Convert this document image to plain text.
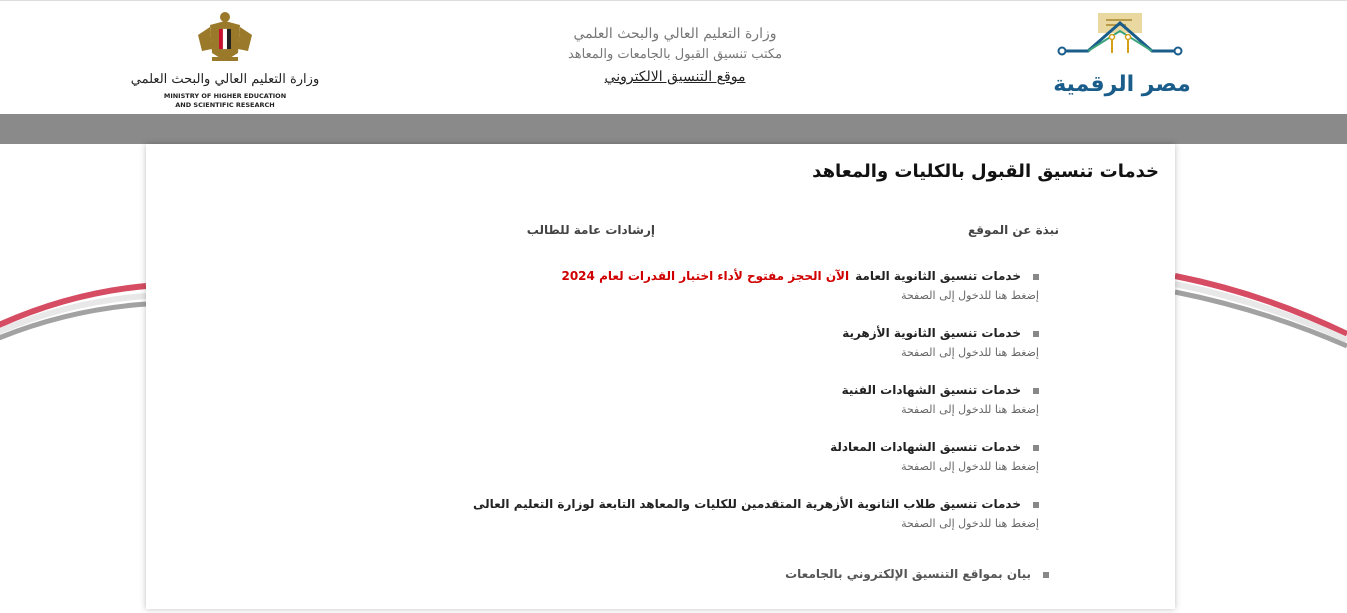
وزارة التعليم العالي والبحث العلمي
MINISTRY OF HIGHER EDUCATION
AND SCIENTIFIC RESEARCH
وزارة التعليم العالي والبحث العلمي
مكتب تنسيق القبول بالجامعات والمعاهد
موقع التنسيق الالكتروني	مصر الرقمية
خدمات تنسيق القبول بالكليات والمعاهد
نبذة عن الموقع
إرشادات عامة للطالب
خدمات تنسيق الثانوية العامةالآن الحجز مفتوح لأداء اختبار القدرات لعام 2024
إضغط هنا للدخول إلى الصفحة
خدمات تنسيق الثانوية الأزهرية
إضغط هنا للدخول إلى الصفحة
خدمات تنسيق الشهادات الفنية
إضغط هنا للدخول إلى الصفحة
خدمات تنسيق الشهادات المعادلة
إضغط هنا للدخول إلى الصفحة
خدمات تنسيق طلاب الثانوية الأزهرية المتقدمين للكليات والمعاهد التابعة لوزارة التعليم العالى
إضغط هنا للدخول إلى الصفحة
بيان بمواقع التنسيق الإلكتروني بالجامعات
